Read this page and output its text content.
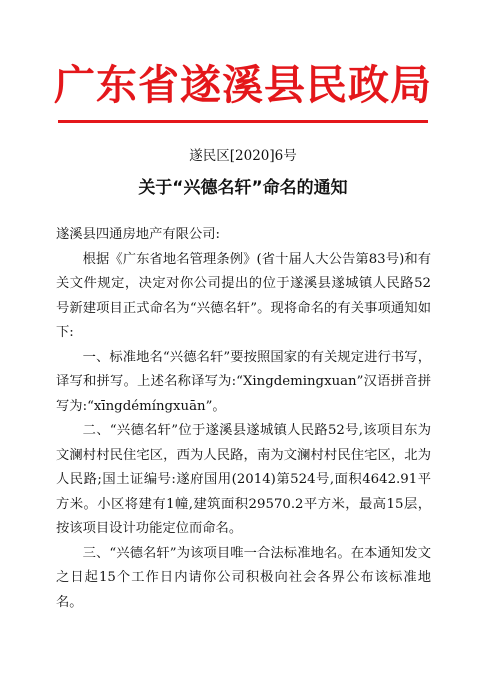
广东省遂溪县民政局
遂民区[2020]6号
关于“兴德名轩”命名的通知

遂溪县四通房地产有限公司:

根据《广东省地名管理条例》(省十届人大公告第83号)和有关文件规定，决定对你公司提出的位于遂溪县遂城镇人民路52号新建项目正式命名为“兴德名轩”。现将命名的有关事项通知如下:

一、标准地名“兴德名轩”要按照国家的有关规定进行书写，译写和拼写。上述名称译写为:“Xingdemingxuan”汉语拼音拼写为:“xīngdémíngxuān”。

二、“兴德名轩”位于遂溪县遂城镇人民路52号,该项目东为文澜村村民住宅区，西为人民路，南为文澜村村民住宅区，北为人民路;国土证编号:遂府国用(2014)第524号,面积4642.91平方米。小区将建有1幢,建筑面积29570.2平方米，最高15层，按该项目设计功能定位而命名。

三、“兴德名轩”为该项目唯一合法标准地名。在本通知发文之日起15个工作日内请你公司积极向社会各界公布该标准地名。
